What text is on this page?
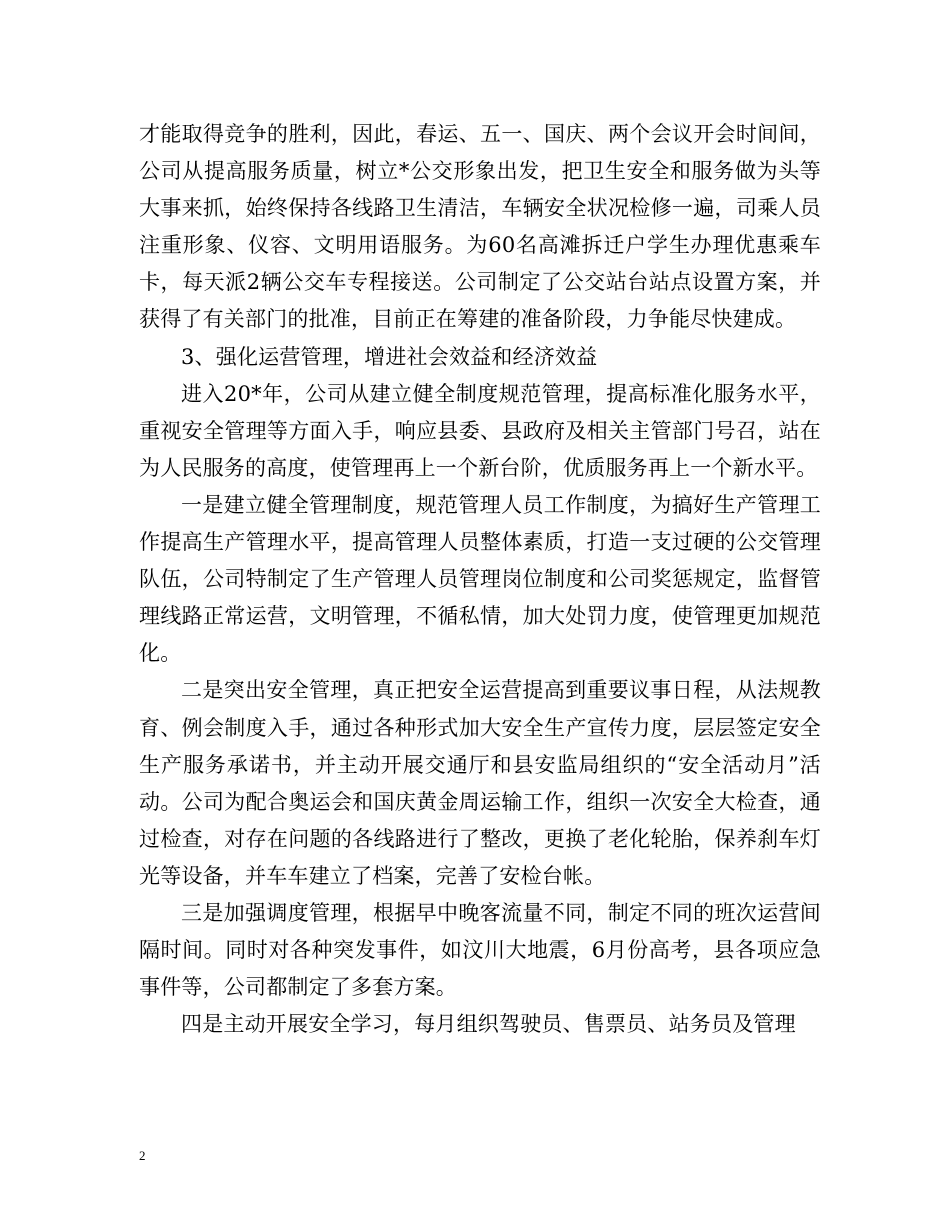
才能取得竞争的胜利，因此，春运、五一、国庆、两个会议开会时间间，公司从提高服务质量，树立*公交形象出发，把卫生安全和服务做为头等大事来抓，始终保持各线路卫生清洁，车辆安全状况检修一遍，司乘人员注重形象、仪容、文明用语服务。为60名高滩拆迁户学生办理优惠乘车卡，每天派2辆公交车专程接送。公司制定了公交站台站点设置方案，并获得了有关部门的批准，目前正在筹建的准备阶段，力争能尽快建成。

3、强化运营管理，增进社会效益和经济效益

进入20*年，公司从建立健全制度规范管理，提高标准化服务水平，重视安全管理等方面入手，响应县委、县政府及相关主管部门号召，站在为人民服务的高度，使管理再上一个新台阶，优质服务再上一个新水平。

一是建立健全管理制度，规范管理人员工作制度，为搞好生产管理工作提高生产管理水平，提高管理人员整体素质，打造一支过硬的公交管理队伍，公司特制定了生产管理人员管理岗位制度和公司奖惩规定，监督管理线路正常运营，文明管理，不循私情，加大处罚力度，使管理更加规范化。

二是突出安全管理，真正把安全运营提高到重要议事日程，从法规教育、例会制度入手，通过各种形式加大安全生产宣传力度，层层签定安全生产服务承诺书，并主动开展交通厅和县安监局组织的“安全活动月”活动。公司为配合奥运会和国庆黄金周运输工作，组织一次安全大检查，通过检查，对存在问题的各线路进行了整改，更换了老化轮胎，保养刹车灯光等设备，并车车建立了档案，完善了安检台帐。

三是加强调度管理，根据早中晚客流量不同，制定不同的班次运营间隔时间。同时对各种突发事件，如汶川大地震，6月份高考，县各项应急事件等，公司都制定了多套方案。

四是主动开展安全学习，每月组织驾驶员、售票员、站务员及管理

2
